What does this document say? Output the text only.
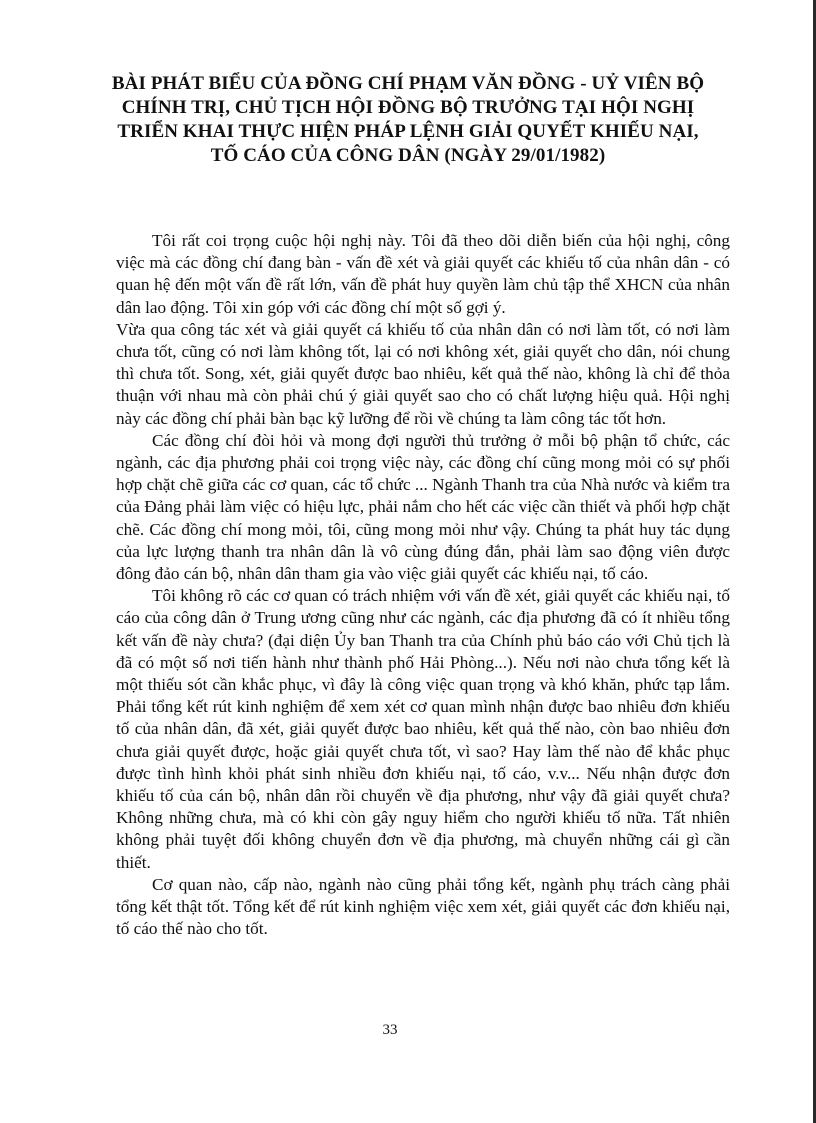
BÀI PHÁT BIỂU CỦA ĐỒNG CHÍ PHẠM VĂN ĐỒNG - UỶ VIÊN BỘ
CHÍNH TRỊ, CHỦ TỊCH HỘI ĐỒNG BỘ TRƯỞNG TẠI HỘI NGHỊ
TRIỂN KHAI THỰC HIỆN PHÁP LỆNH GIẢI QUYẾT KHIẾU NẠI,
TỐ CÁO CỦA CÔNG DÂN (NGÀY 29/01/1982)

Tôi rất coi trọng cuộc hội nghị này. Tôi đã theo dõi diễn biến của hội nghị, công việc mà các đồng chí đang bàn - vấn đề xét và giải quyết các khiếu tố của nhân dân - có quan hệ đến một vấn đề rất lớn, vấn đề phát huy quyền làm chủ tập thể XHCN của nhân dân lao động. Tôi xin góp với các đồng chí một số gợi ý.

Vừa qua công tác xét và giải quyết cá khiếu tố của nhân dân có nơi làm tốt, có nơi làm chưa tốt, cũng có nơi làm không tốt, lại có nơi không xét, giải quyết cho dân, nói chung thì chưa tốt. Song, xét, giải quyết được bao nhiêu, kết quả thế nào, không là chỉ để thỏa thuận với nhau mà còn phải chú ý giải quyết sao cho có chất lượng hiệu quả. Hội nghị này các đồng chí phải bàn bạc kỹ lưỡng để rồi về chúng ta làm công tác tốt hơn.

Các đồng chí đòi hỏi và mong đợi người thủ trưởng ở mỗi bộ phận tổ chức, các ngành, các địa phương phải coi trọng việc này, các đồng chí cũng mong mỏi có sự phối hợp chặt chẽ giữa các cơ quan, các tổ chức ... Ngành Thanh tra của Nhà nước và kiểm tra của Đảng phải làm việc có hiệu lực, phải nắm cho hết các việc cần thiết và phối hợp chặt chẽ. Các đồng chí mong mỏi, tôi, cũng mong mỏi như vậy. Chúng ta phát huy tác dụng của lực lượng thanh tra nhân dân là vô cùng đúng đắn, phải làm sao động viên được đông đảo cán bộ, nhân dân tham gia vào việc giải quyết các khiếu nại, tố cáo.

Tôi không rõ các cơ quan có trách nhiệm với vấn đề xét, giải quyết các khiếu nại, tố cáo của công dân ở Trung ương cũng như các ngành, các địa phương đã có ít nhiều tổng kết vấn đề này chưa? (đại diện Ủy ban Thanh tra của Chính phủ báo cáo với Chủ tịch là đã có một số nơi tiến hành như thành phố Hải Phòng...). Nếu nơi nào chưa tổng kết là một thiếu sót cần khắc phục, vì đây là công việc quan trọng và khó khăn, phức tạp lắm. Phải tổng kết rút kinh nghiệm để xem xét cơ quan mình nhận được bao nhiêu đơn khiếu tố của nhân dân, đã xét, giải quyết được bao nhiêu, kết quả thế nào, còn bao nhiêu đơn chưa giải quyết được, hoặc giải quyết chưa tốt, vì sao? Hay làm thế nào để khắc phục được tình hình khỏi phát sinh nhiều đơn khiếu nại, tố cáo, v.v... Nếu nhận được đơn khiếu tố của cán bộ, nhân dân rồi chuyển về địa phương, như vậy đã giải quyết chưa? Không những chưa, mà có khi còn gây nguy hiểm cho người khiếu tố nữa. Tất nhiên không phải tuyệt đối không chuyển đơn về địa phương, mà chuyển những cái gì cần thiết.

Cơ quan nào, cấp nào, ngành nào cũng phải tổng kết, ngành phụ trách càng phải tổng kết thật tốt. Tổng kết để rút kinh nghiệm việc xem xét, giải quyết các đơn khiếu nại, tố cáo thế nào cho tốt.

33
